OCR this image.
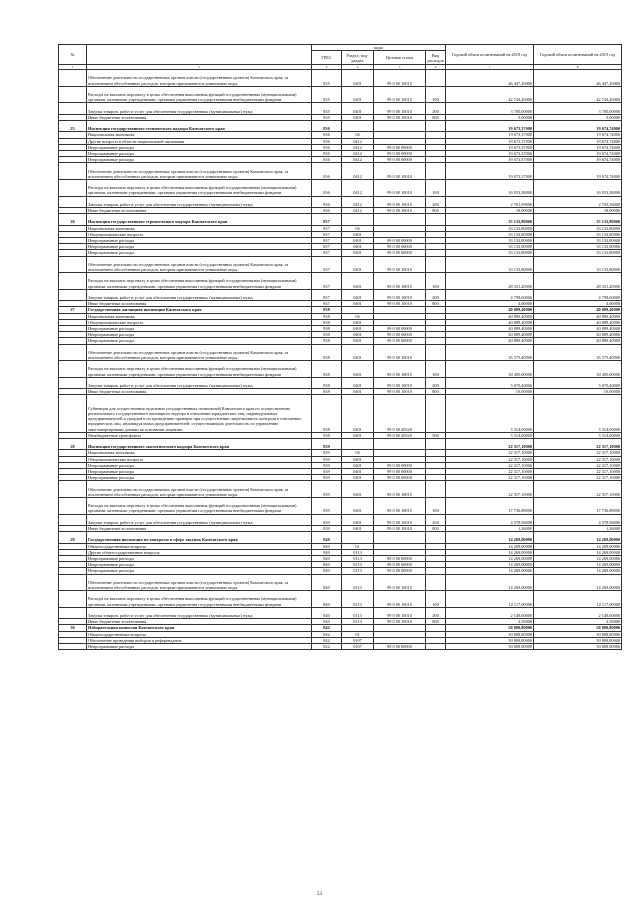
№		коды				Годовой объем ассигнований на 2018 год	Годовой объем ассигнований на 2019 год
		ГРБС	Раздел, под-раздел	Целевая статья	Вид расходов		
1	2	3	4	5	6	7	8
	Обеспечение деятельности государственных органов власти (государственных органов) Камчатского края, за исключением обособленных расходов, которым присваиваются уникальные коды.	835	0401	99 0 00 10010		46 447,20000	46 447,20000
	Расходы на выплаты персоналу в целях обеспечения выполнения функций государственными (муниципальными) органами, казенными учреждениями, органами управления государственными внебюджетными фондами	835	0401	99 0 00 10010	100	42 744,20000	42 744,20000
	Закупка товаров, работ и услуг для обеспечения государственных (муниципальных) нужд	835	0401	99 0 00 10010	200	3 700,00000	3 700,00000
	Иные бюджетные ассигнования	835	0401	99 0 00 10010	800	3,00000	3,00000
25	Инспекция государственного технического надзора Камчатского края	836				19 673,37000	19 674,74000
	Национальная экономика	836	04			19 673,37000	19 674,74000
	Другие вопросы в области национальной экономики	836	0412			19 673,37000	19 674,74000
	Непрограммные расходы	836	0412	99 0 00 00000		19 673,37000	19 674,74000
	Непрограммные расходы	836	0412	99 0 00 00000		19 673,37000	19 674,74000
	Непрограммные расходы	836	0412	99 0 00 00000		19 673,37000	19 674,74000
	Обеспечение деятельности государственных органов власти (государственных органов) Камчатского края, за исключением обособленных расходов, которым присваиваются уникальные коды.	836	0412	99 0 00 10010		19 673,37000	19 674,74000
	Расходы на выплаты персоналу в целях обеспечения выполнения функций государственными (муниципальными) органами, казенными учреждениями, органами управления государственными внебюджетными фондами	836	0412	99 0 00 10010	100	16 953,38000	16 953,38000
	Закупка товаров, работ и услуг для обеспечения государственных (муниципальных) нужд	836	0412	99 0 00 10010	200	2 701,99000	2 703,36000
	Иные бюджетные ассигнования	836	0412	99 0 00 10010	800	18,00000	18,00000
26	Инспекция государственного строительного надзора Камчатского края	837				33 133,80000	33 133,80000
	Национальная экономика	837	04			33 133,80000	33 133,80000
	Общеэкономические вопросы	837	0401			33 133,80000	33 133,80000
	Непрограммные расходы	837	0401	99 0 00 00000		33 133,80000	33 133,80000
	Непрограммные расходы	837	0401	99 0 00 00000		33 133,80000	33 133,80000
	Непрограммные расходы	837	0401	99 0 00 00000		33 133,80000	33 133,80000
	Обеспечение деятельности государственных органов власти (государственных органов) Камчатского края, за исключением обособленных расходов, которым присваиваются уникальные коды.	837	0401	99 0 00 10010		33 133,80000	33 133,80000
	Расходы на выплаты персоналу в целях обеспечения выполнения функций государственными (муниципальными) органами, казенными учреждениями, органами управления государственными внебюджетными фондами	837	0401	99 0 00 10010	100	28 331,20000	28 331,20000
	Закупка товаров, работ и услуг для обеспечения государственных (муниципальных) нужд	837	0401	99 0 00 10010	200	4 798,60000	4 798,60000
	Иные бюджетные ассигнования	837	0401	99 0 00 10010	800	4,00000	4,00000
27	Государственная жилищная инспекция Камчатского края	838				40 889,40000	40 889,40000
	Национальная экономика	838	04			40 889,40000	40 889,40000
	Общеэкономические вопросы	838	0401			40 889,40000	40 889,40000
	Непрограммные расходы	838	0401	99 0 00 00000		40 889,40000	40 889,40000
	Непрограммные расходы	838	0401	99 0 00 00000		40 889,40000	40 889,40000
	Непрограммные расходы	838	0401	99 0 00 00000		40 889,40000	40 889,40000
	Обеспечение деятельности государственных органов власти (государственных органов) Камчатского края, за исключением обособленных расходов, которым присваиваются уникальные коды.	838	0401	99 0 00 10010		35 575,40000	35 575,40000
	Расходы на выплаты персоналу в целях обеспечения выполнения функций государственными (муниципальными) органами, казенными учреждениями, органами управления государственными внебюджетными фондами	838	0401	99 0 00 10010	100	30 495,00000	30 495,00000
	Закупка товаров, работ и услуг для обеспечения государственных (муниципальных) нужд	838	0401	99 0 00 10010	200	5 070,40000	5 070,40000
	Иные бюджетные ассигнования	838	0401	99 0 00 10010	800	10,00000	10,00000
	Субвенции для осуществления отдельных государственных полномочий Камчатского края по осуществлению регионального государственного жилищного надзора в отношении юридических лиц, индивидуальных предпринимателей и граждан и по проведению проверок при осуществлении лицензионного контроля в отношении юридических лиц, индивидуальных предпринимателей, осуществляющих деятельность по управлению многоквартирными домами на основании лицензии	838	0401	99 0 00 40320		5 314,00000	5 314,00000
	Межбюджетные трансферты	838	0401	99 0 00 40320	500	5 314,00000	5 314,00000
28	Инспекция государственного экологического надзора Камчатского края	839				22 317,10000	22 317,10000
	Национальная экономика	839	04			22 317,10000	22 317,10000
	Общеэкономические вопросы	839	0401			22 317,10000	22 317,10000
	Непрограммные расходы	839	0401	99 0 00 00000		22 317,10000	22 317,10000
	Непрограммные расходы	839	0401	99 0 00 00000		22 317,10000	22 317,10000
	Непрограммные расходы	839	0401	99 0 00 00000		22 317,10000	22 317,10000
	Обеспечение деятельности государственных органов власти (государственных органов) Камчатского края, за исключением обособленных расходов, которым присваиваются уникальные коды.	839	0401	99 0 00 10010		22 317,10000	22 317,10000
	Расходы на выплаты персоналу в целях обеспечения выполнения функций государственными (муниципальными) органами, казенными учреждениями, органами управления государственными внебюджетными фондами	839	0401	99 0 00 10010	100	17 736,88000	17 736,88000
	Закупка товаров, работ и услуг для обеспечения государственных (муниципальных) нужд	839	0401	99 0 00 10010	200	4 578,96000	4 578,96000
	Иные бюджетные ассигнования	839	0401	99 0 00 10010	800	1,26000	1,26000
29	Государственная инспекция по контролю в сфере закупок Камчатского края	840				14 269,00000	14 269,00000
	Общегосударственные вопросы	840	01			14 269,00000	14 269,00000
	Другие общегосударственные вопросы	840	0113			14 269,00000	14 269,00000
	Непрограммные расходы	840	0113	99 0 00 00000		14 269,00000	14 269,00000
	Непрограммные расходы	840	0113	99 0 00 00000		14 269,00000	14 269,00000
	Непрограммные расходы	840	0113	99 0 00 00000		14 269,00000	14 269,00000
	Обеспечение деятельности государственных органов власти (государственных органов) Камчатского края, за исключением обособленных расходов, которым присваиваются уникальные коды.	840	0113	99 0 00 10010		14 269,00000	14 269,00000
	Расходы на выплаты персоналу в целях обеспечения выполнения функций государственными (муниципальными) органами, казенными учреждениями, органами управления государственными внебюджетными фондами	840	0113	99 0 00 10010	100	12 117,00000	12 117,00000
	Закупка товаров, работ и услуг для обеспечения государственных (муниципальных) нужд	840	0113	99 0 00 10010	200	2 149,60000	2 149,60000
	Иные бюджетные ассигнования	840	0113	99 0 00 10010	800	2,50000	2,50000
30	Избирательная комиссия Камчатского края	842				50 808,80000	50 808,80000
	Общегосударственные вопросы	842	01			50 808,80000	50 808,80000
	Обеспечение проведения выборов и референдумов	842	0107			50 808,80000	50 808,80000
	Непрограммные расходы	842	0107	99 0 00 00000		50 808,80000	50 808,80000
53
